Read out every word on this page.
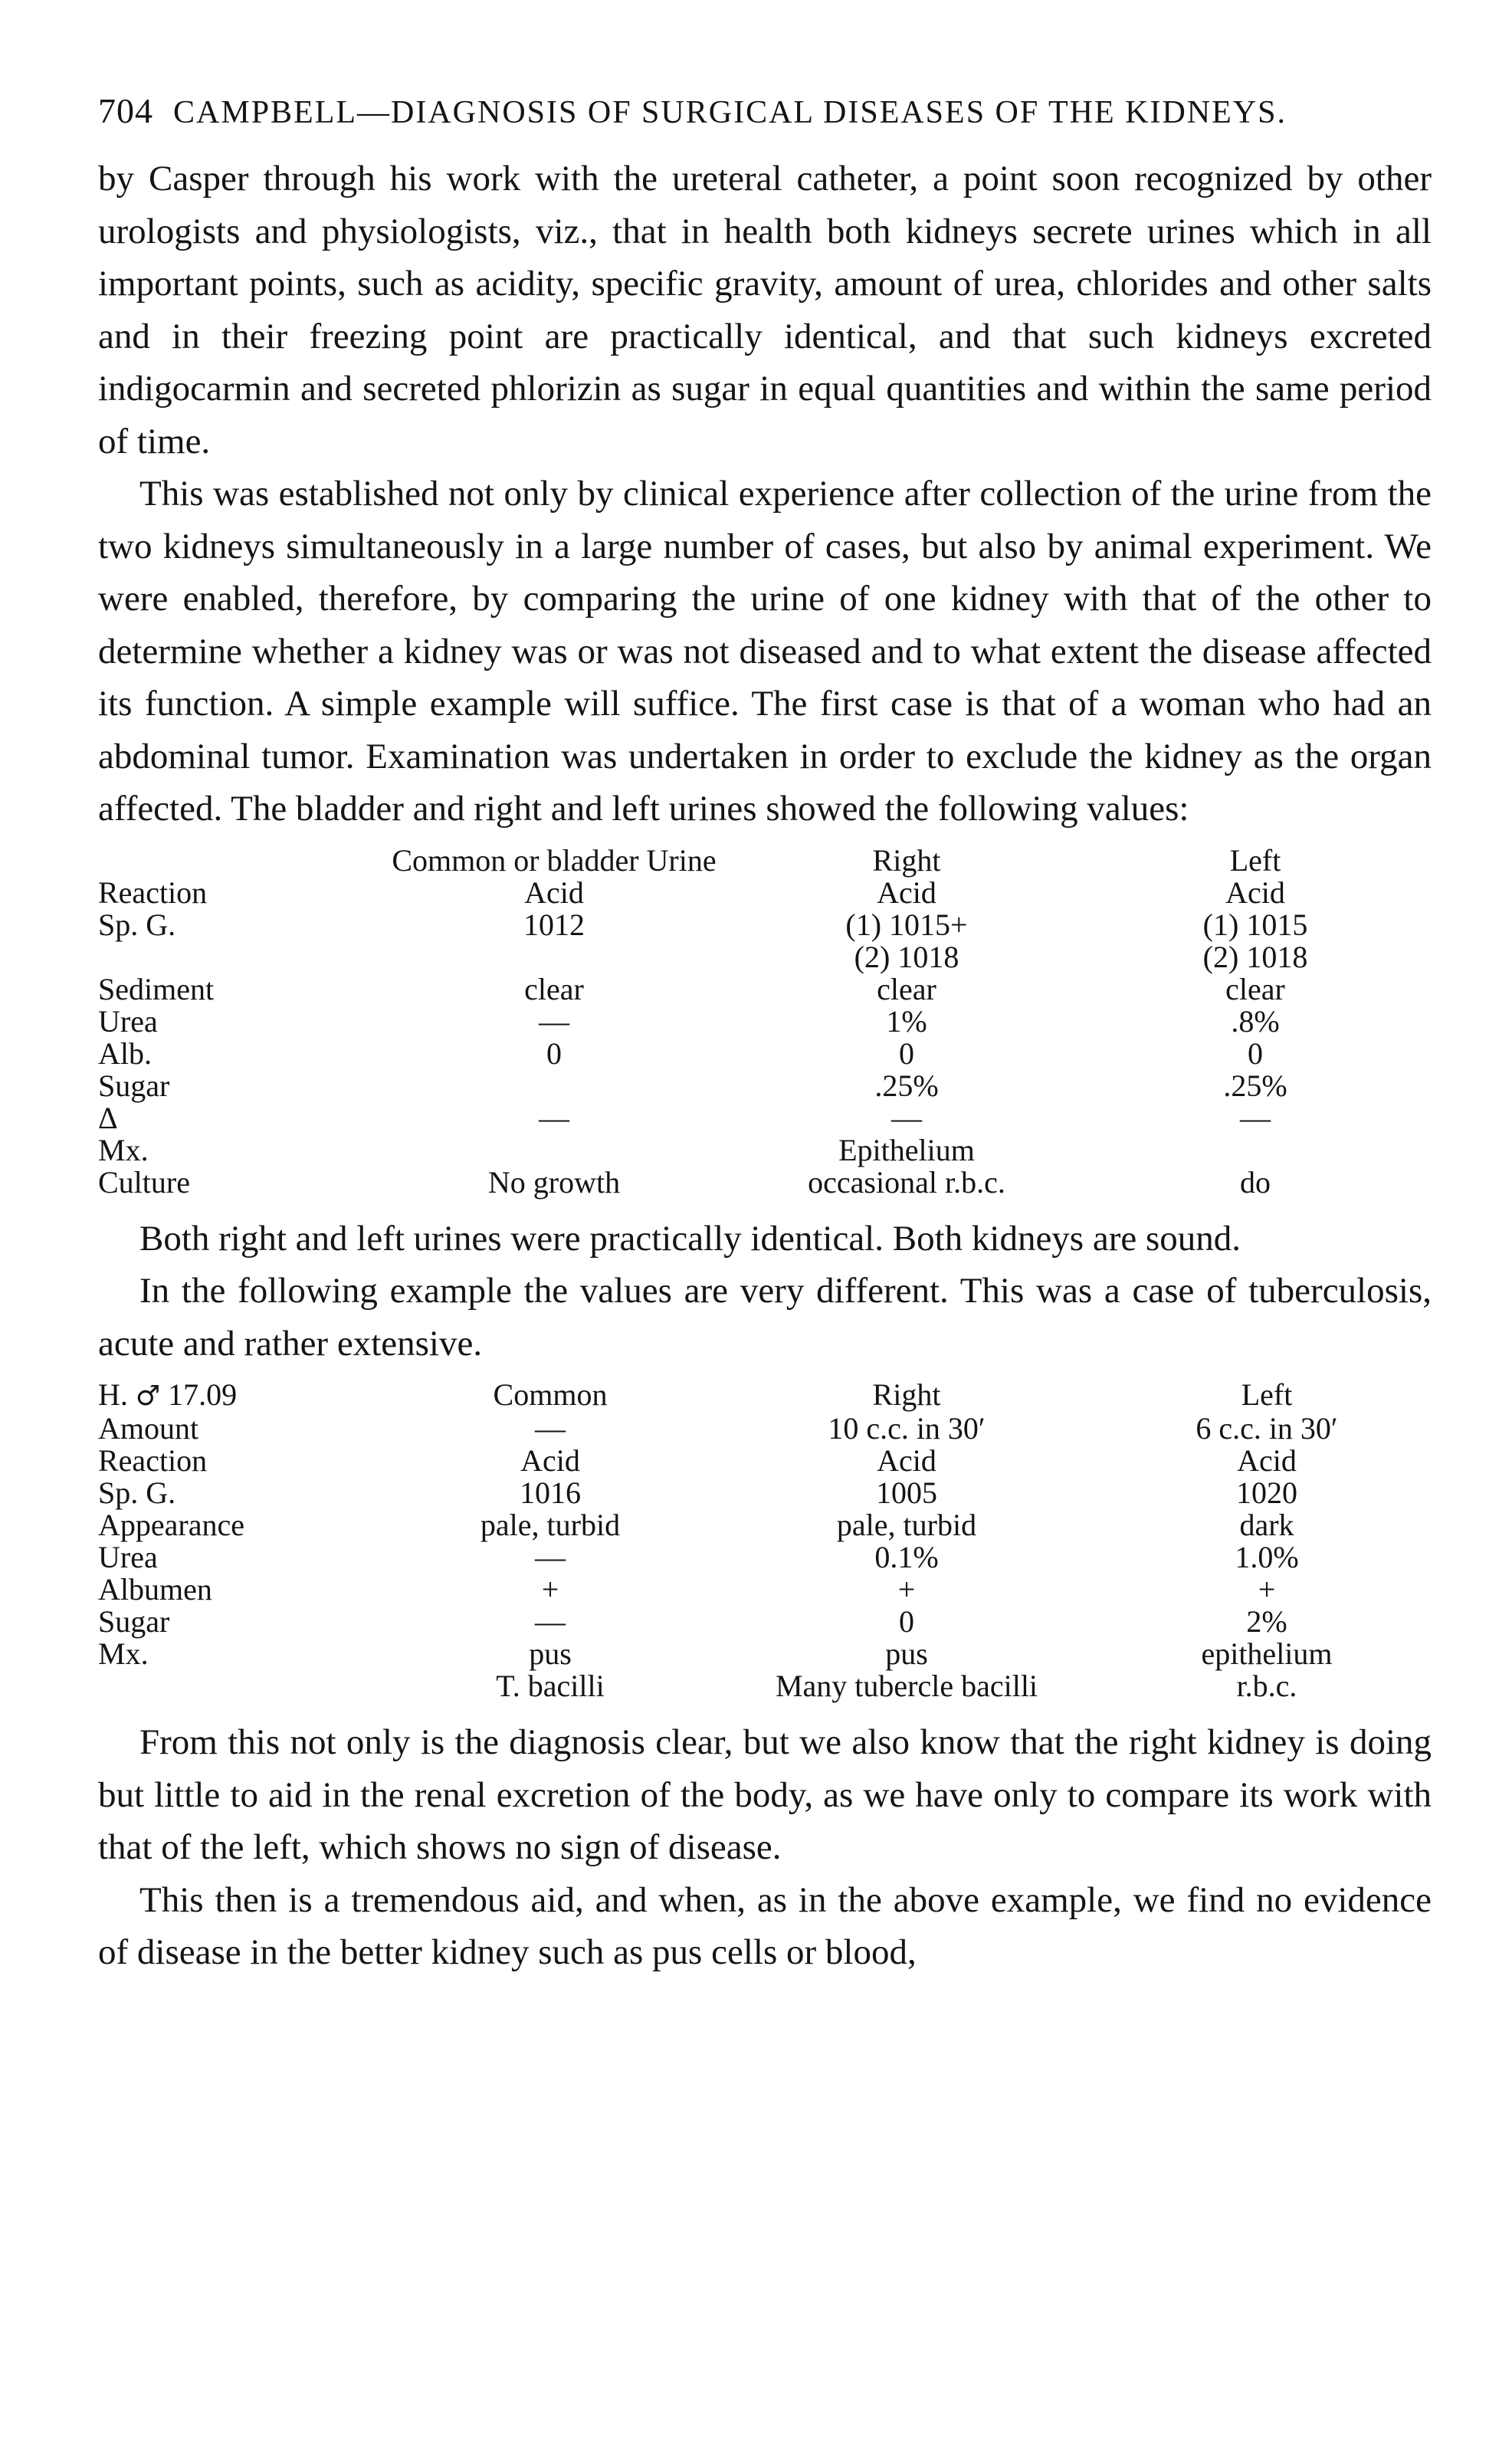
704 CAMPBELL—DIAGNOSIS OF SURGICAL DISEASES OF THE KIDNEYS.

by Casper through his work with the ureteral catheter, a point soon recognized by other urologists and physiologists, viz., that in health both kidneys secrete urines which in all important points, such as acidity, specific gravity, amount of urea, chlorides and other salts and in their freezing point are practically identical, and that such kidneys excreted indigocarmin and secreted phlorizin as sugar in equal quantities and within the same period of time.

This was established not only by clinical experience after collection of the urine from the two kidneys simultaneously in a large number of cases, but also by animal experiment. We were enabled, therefore, by comparing the urine of one kidney with that of the other to determine whether a kidney was or was not diseased and to what extent the disease affected its function. A simple example will suffice. The first case is that of a woman who had an abdominal tumor. Examination was undertaken in order to exclude the kidney as the organ affected. The bladder and right and left urines showed the following values:

	Common or bladder Urine	Right	Left
Reaction	Acid	Acid	Acid
Sp. G.	1012	(1) 1015+	(1) 1015
		(2) 1018	(2) 1018
Sediment	clear	clear	clear
Urea	—	1%	.8%
Alb.	0	0	0
Sugar		.25%	.25%
Δ	—	—	—
Mx.		Epithelium	
Culture	No growth	occasional r.b.c.	do

Both right and left urines were practically identical. Both kidneys are sound.

In the following example the values are very different. This was a case of tuberculosis, acute and rather extensive.

H. ♂ 17.09	Common	Right	Left
Amount	—	10 c.c. in 30′	6 c.c. in 30′
Reaction	Acid	Acid	Acid
Sp. G.	1016	1005	1020
Appearance	pale, turbid	pale, turbid	dark
Urea	—	0.1%	1.0%
Albumen	+	+	+
Sugar	—	0	2%
Mx.	pus	pus	epithelium
	T. bacilli	Many tubercle bacilli	r.b.c.

From this not only is the diagnosis clear, but we also know that the right kidney is doing but little to aid in the renal excretion of the body, as we have only to compare its work with that of the left, which shows no sign of disease.

This then is a tremendous aid, and when, as in the above example, we find no evidence of disease in the better kidney such as pus cells or blood,
